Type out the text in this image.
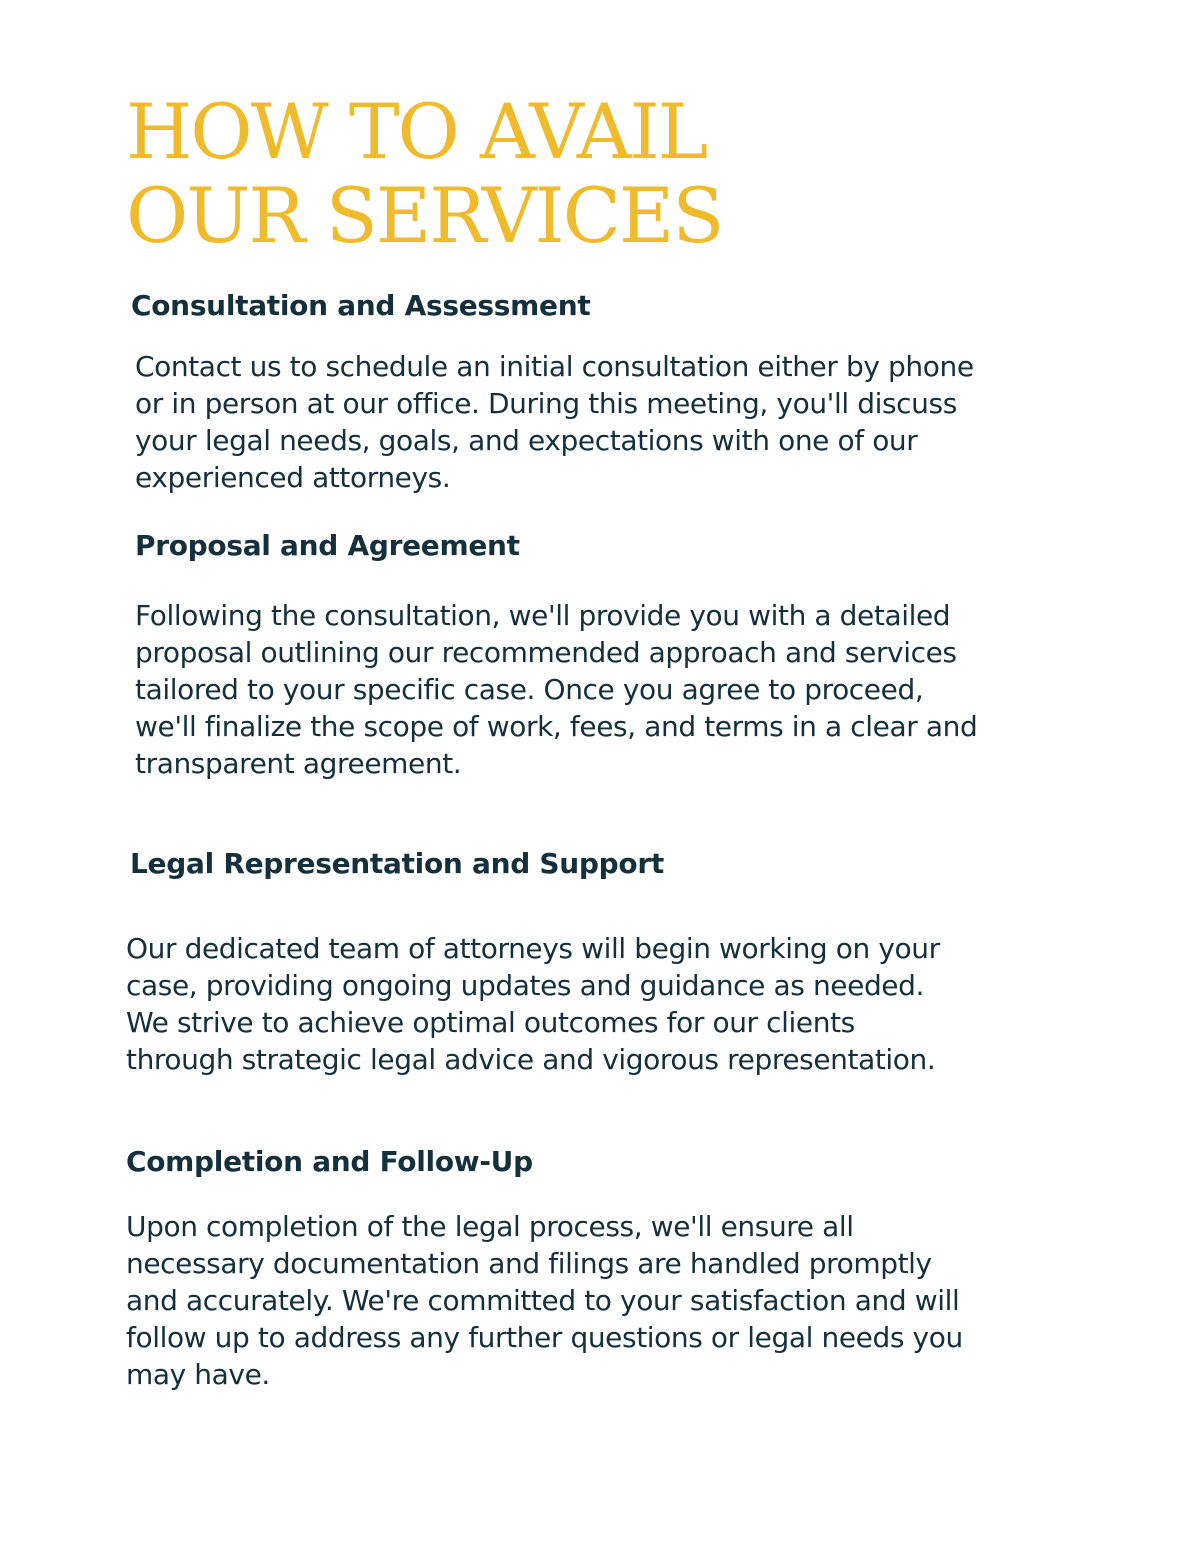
HOW TO AVAIL
OUR SERVICES
Consultation and Assessment
Contact us to schedule an initial consultation either by phone
or in person at our office. During this meeting, you'll discuss
your legal needs, goals, and expectations with one of our
experienced attorneys.
Proposal and Agreement
Following the consultation, we'll provide you with a detailed
proposal outlining our recommended approach and services
tailored to your specific case. Once you agree to proceed,
we'll finalize the scope of work, fees, and terms in a clear and
transparent agreement.
Legal Representation and Support
Our dedicated team of attorneys will begin working on your
case, providing ongoing updates and guidance as needed.
We strive to achieve optimal outcomes for our clients
through strategic legal advice and vigorous representation.
Completion and Follow-Up
Upon completion of the legal process, we'll ensure all
necessary documentation and filings are handled promptly
and accurately. We're committed to your satisfaction and will
follow up to address any further questions or legal needs you
may have.
